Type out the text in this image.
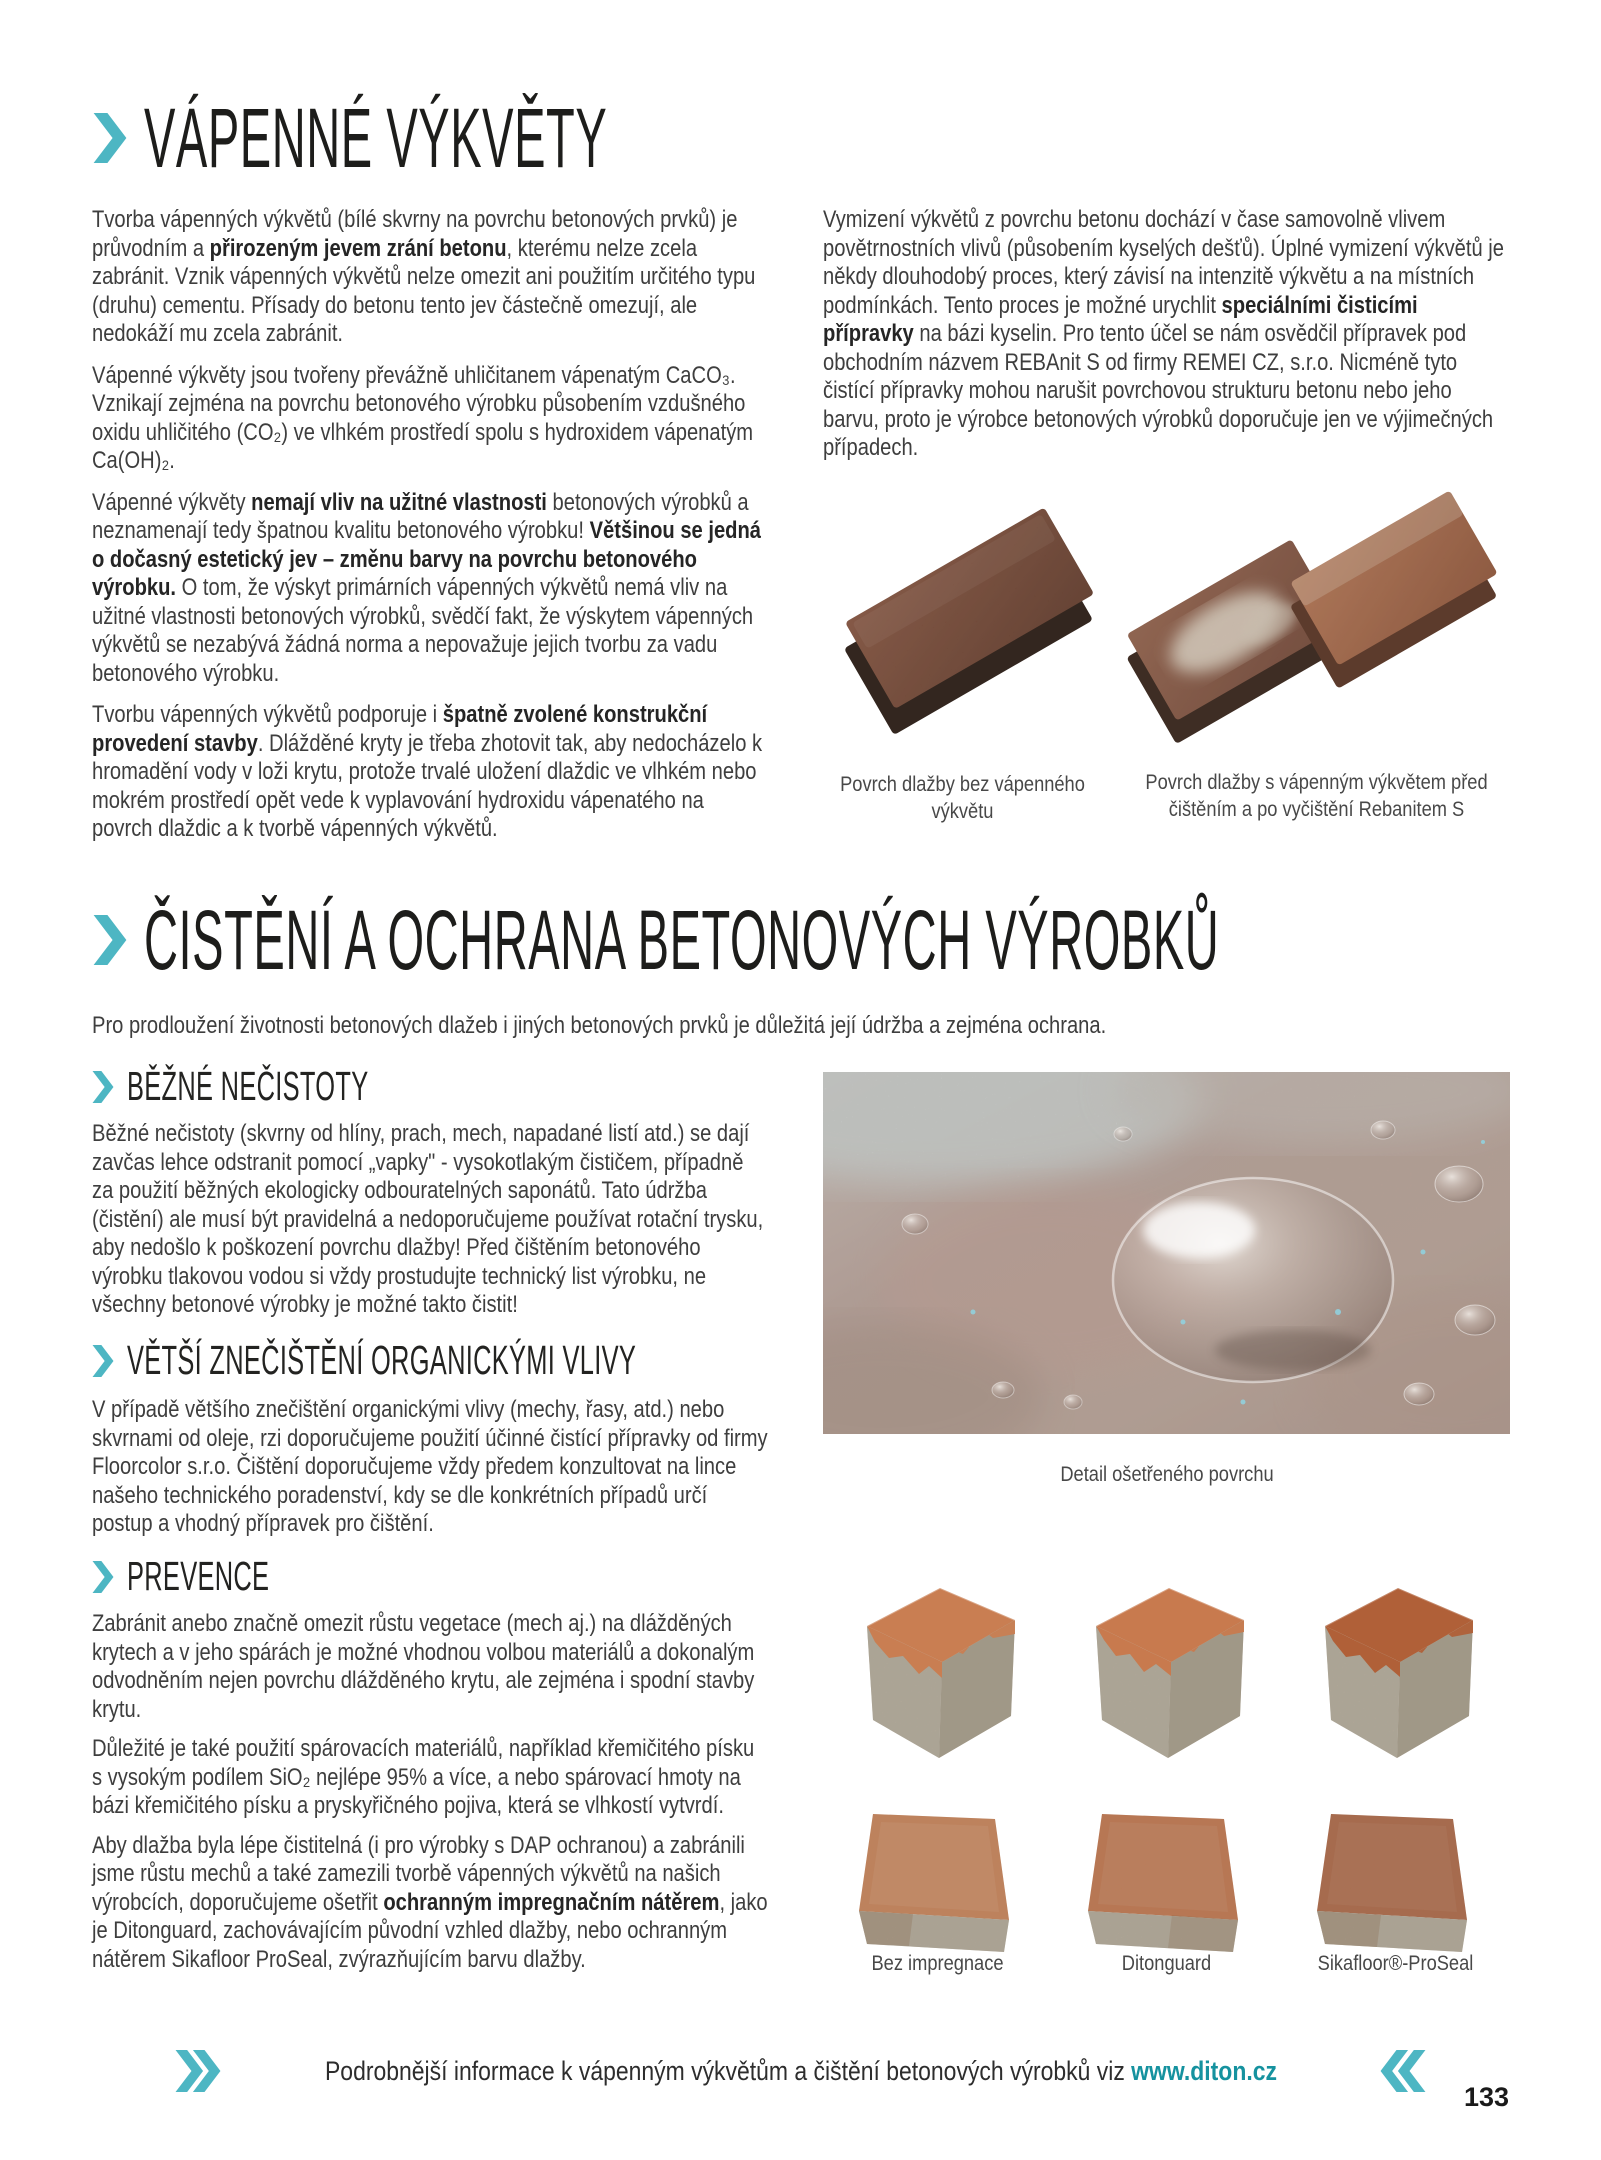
VÁPENNÉ VÝKVĚTY

Tvorba vápenných výkvětů (bílé skvrny na povrchu betonových prvků) je průvodním a přirozeným jevem zrání betonu, kterému nelze zcela zabránit. Vznik vápenných výkvětů nelze omezit ani použitím určitého typu (druhu) cementu. Přísady do betonu tento jev částečně omezují, ale nedokáží mu zcela zabránit.

Vápenné výkvěty jsou tvořeny převážně uhličitanem vápenatým CaCO₃. Vznikají zejména na povrchu betonového výrobku působením vzdušného oxidu uhličitého (CO₂) ve vlhkém prostředí spolu s hydroxidem vápenatým Ca(OH)₂.

Vápenné výkvěty nemají vliv na užitné vlastnosti betonových výrobků a neznamenají tedy špatnou kvalitu betonového výrobku! Většinou se jedná o dočasný estetický jev – změnu barvy na povrchu betonového výrobku. O tom, že výskyt primárních vápenných výkvětů nemá vliv na užitné vlastnosti betonových výrobků, svědčí fakt, že výskytem vápenných výkvětů se nezabývá žádná norma a nepovažuje jejich tvorbu za vadu betonového výrobku.

Tvorbu vápenných výkvětů podporuje i špatně zvolené konstrukční provedení stavby. Dlážděné kryty je třeba zhotovit tak, aby nedocházelo k hromadění vody v loži krytu, protože trvalé uložení dlaždic ve vlhkém nebo mokrém prostředí opět vede k vyplavování hydroxidu vápenatého na povrch dlaždic a k tvorbě vápenných výkvětů.

Vymizení výkvětů z povrchu betonu dochází v čase samovolně vlivem povětrnostních vlivů (působením kyselých dešťů). Úplné vymizení výkvětů je někdy dlouhodobý proces, který závisí na intenzitě výkvětu a na místních podmínkách. Tento proces je možné urychlit speciálními čisticími přípravky na bázi kyselin. Pro tento účel se nám osvědčil přípravek pod obchodním názvem REBAnit S od firmy REMEI CZ, s.r.o. Nicméně tyto čistící přípravky mohou narušit povrchovou strukturu betonu nebo jeho barvu, proto je výrobce betonových výrobků doporučuje jen ve výjimečných případech.

Povrch dlažby bez vápenného výkvětu
Povrch dlažby s vápenným výkvětem před čištěním a po vyčištění Rebanitem S
ČISTĚNÍ A OCHRANA BETONOVÝCH VÝROBKŮ

Pro prodloužení životnosti betonových dlažeb i jiných betonových prvků je důležitá její údržba a zejména ochrana.

BĚŽNÉ NEČISTOTY

Běžné nečistoty (skvrny od hlíny, prach, mech, napadané listí atd.) se dají zavčas lehce odstranit pomocí „vapky" - vysokotlakým čističem, případně za použití běžných ekologicky odbouratelných saponátů. Tato údržba (čistění) ale musí být pravidelná a nedoporučujeme používat rotační trysku, aby nedošlo k poškození povrchu dlažby! Před čištěním betonového výrobku tlakovou vodou si vždy prostudujte technický list výrobku, ne všechny betonové výrobky je možné takto čistit!

VĚTŠÍ ZNEČIŠTĚNÍ ORGANICKÝMI VLIVY

V případě většího znečištění organickými vlivy (mechy, řasy, atd.) nebo skvrnami od oleje, rzi doporučujeme použití účinné čistící přípravky od firmy Floorcolor s.r.o. Čištění doporučujeme vždy předem konzultovat na lince našeho technického poradenství, kdy se dle konkrétních případů určí postup a vhodný přípravek pro čištění.

PREVENCE

Zabránit anebo značně omezit růstu vegetace (mech aj.) na dlážděných krytech a v jeho spárách je možné vhodnou volbou materiálů a dokonalým odvodněním nejen povrchu dlážděného krytu, ale zejména i spodní stavby krytu.

Důležité je také použití spárovacích materiálů, například křemičitého písku s vysokým podílem SiO₂ nejlépe 95% a více, a nebo spárovací hmoty na bázi křemičitého písku a pryskyřičného pojiva, která se vlhkostí vytvrdí.

Aby dlažba byla lépe čistitelná (i pro výrobky s DAP ochranou) a zabránili jsme růstu mechů a také zamezili tvorbě vápenných výkvětů na našich výrobcích, doporučujeme ošetřit ochranným impregnačním nátěrem, jako je Ditonguard, zachovávajícím původní vzhled dlažby, nebo ochranným nátěrem Sikafloor ProSeal, zvýrazňujícím barvu dlažby.

Detail ošetřeného povrchu
Bez impregnace	Ditonguard	Sikafloor®-ProSeal
Podrobnější informace k vápenným výkvětům a čištění betonových výrobků viz www.diton.cz
133
